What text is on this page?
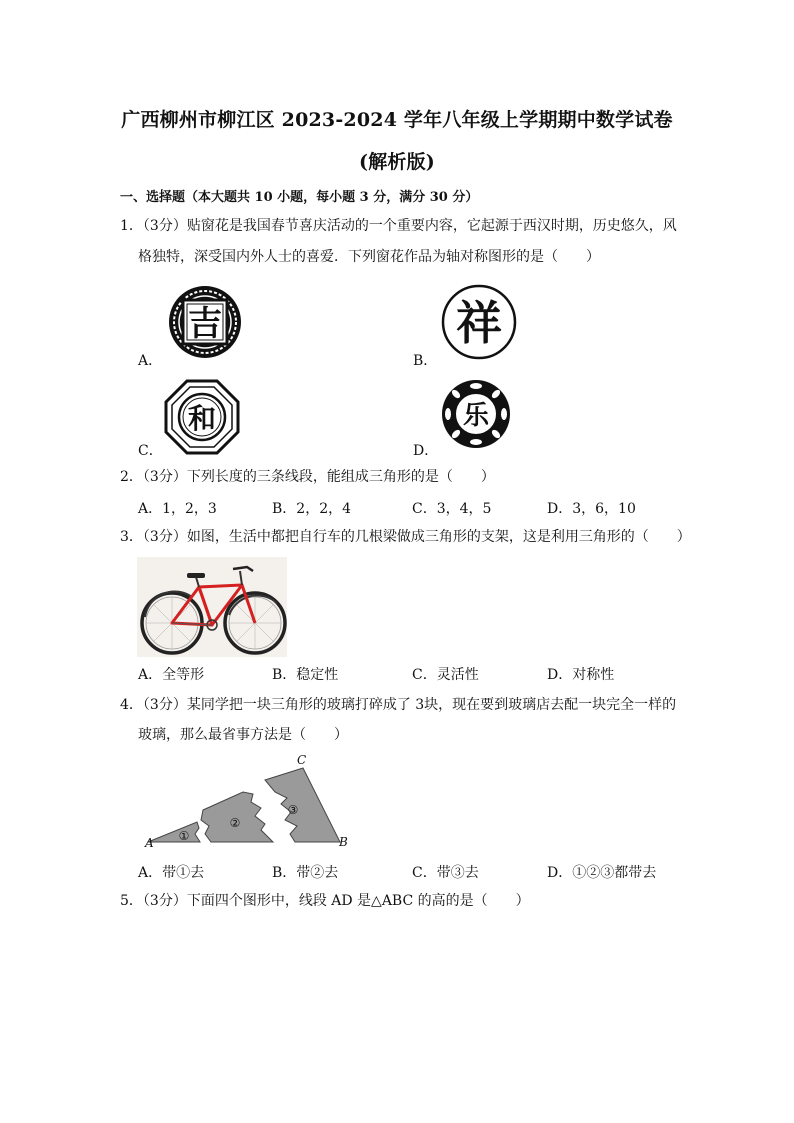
广西柳州市柳江区 2023-2024 学年八年级上学期期中数学试卷
(解析版)
一、选择题（本大题共 10 小题，每小题 3 分，满分 30 分）
1．（3分）贴窗花是我国春节喜庆活动的一个重要内容，它起源于西汉时期，历史悠久，风
格独特，深受国内外人士的喜爱．下列窗花作品为轴对称图形的是（　　）
A．
吉
B．
祥
C．
和
D．
乐
2．（3分）下列长度的三条线段，能组成三角形的是（　　）
A．1，2，3	B．2，2，4	C．3，4，5	D．3，6，10
3．（3分）如图，生活中都把自行车的几根梁做成三角形的支架，这是利用三角形的（　　）
A．全等形	B．稳定性	C．灵活性	D．对称性
4．（3分）某同学把一块三角形的玻璃打碎成了 3块，现在要到玻璃店去配一块完全一样的
玻璃，那么最省事方法是（　　）
A	B
C
①
②
③
A．带①去	B．带②去	C．带③去	D．①②③都带去
5．（3分）下面四个图形中，线段 AD 是△ABC 的高的是（　　）
